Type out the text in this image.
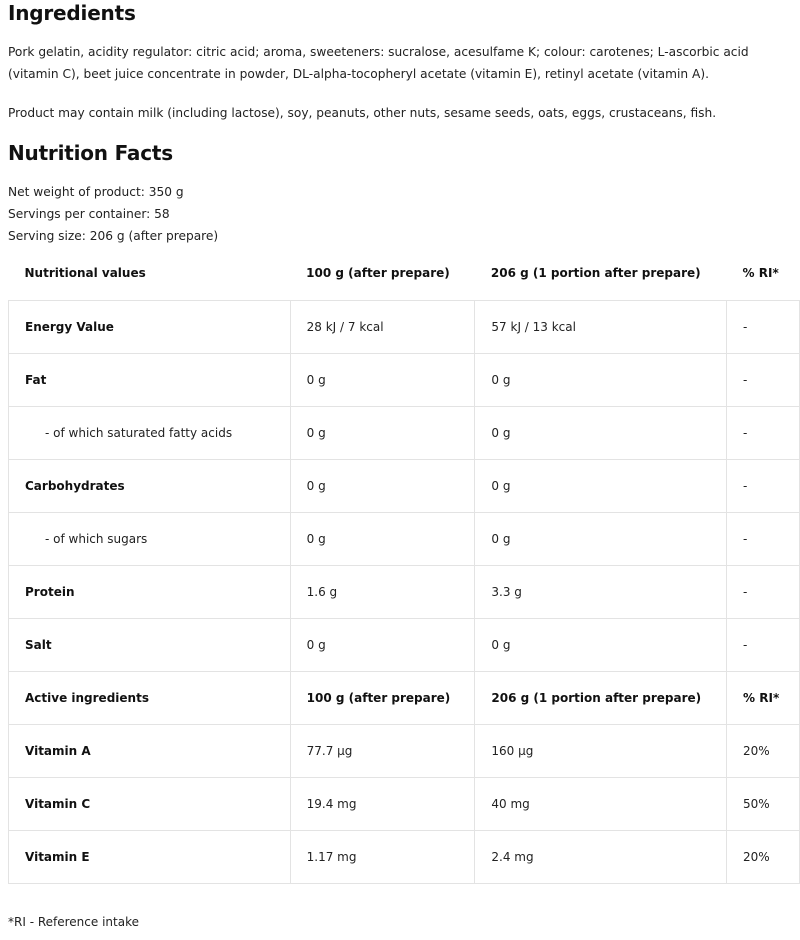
Ingredients
Pork gelatin, acidity regulator: citric acid; aroma, sweeteners: sucralose, acesulfame K; colour: carotenes; L-ascorbic acid (vitamin C), beet juice concentrate in powder, DL-alpha-tocopheryl acetate (vitamin E), retinyl acetate (vitamin A).
Product may contain milk (including lactose), soy, peanuts, other nuts, sesame seeds, oats, eggs, crustaceans, fish.
Nutrition Facts
Net weight of product: 350 g
Servings per container: 58
Serving size: 206 g (after prepare)
Nutritional values	100 g (after prepare)	206 g (1 portion after prepare)	% RI*
Energy Value	28 kJ / 7 kcal	57 kJ / 13 kcal	-
Fat	0 g	0 g	-
- of which saturated fatty acids	0 g	0 g	-
Carbohydrates	0 g	0 g	-
- of which sugars	0 g	0 g	-
Protein	1.6 g	3.3 g	-
Salt	0 g	0 g	-
Active ingredients	100 g (after prepare)	206 g (1 portion after prepare)	% RI*
Vitamin A	77.7 µg	160 µg	20%
Vitamin C	19.4 mg	40 mg	50%
Vitamin E	1.17 mg	2.4 mg	20%
*RI - Reference intake
